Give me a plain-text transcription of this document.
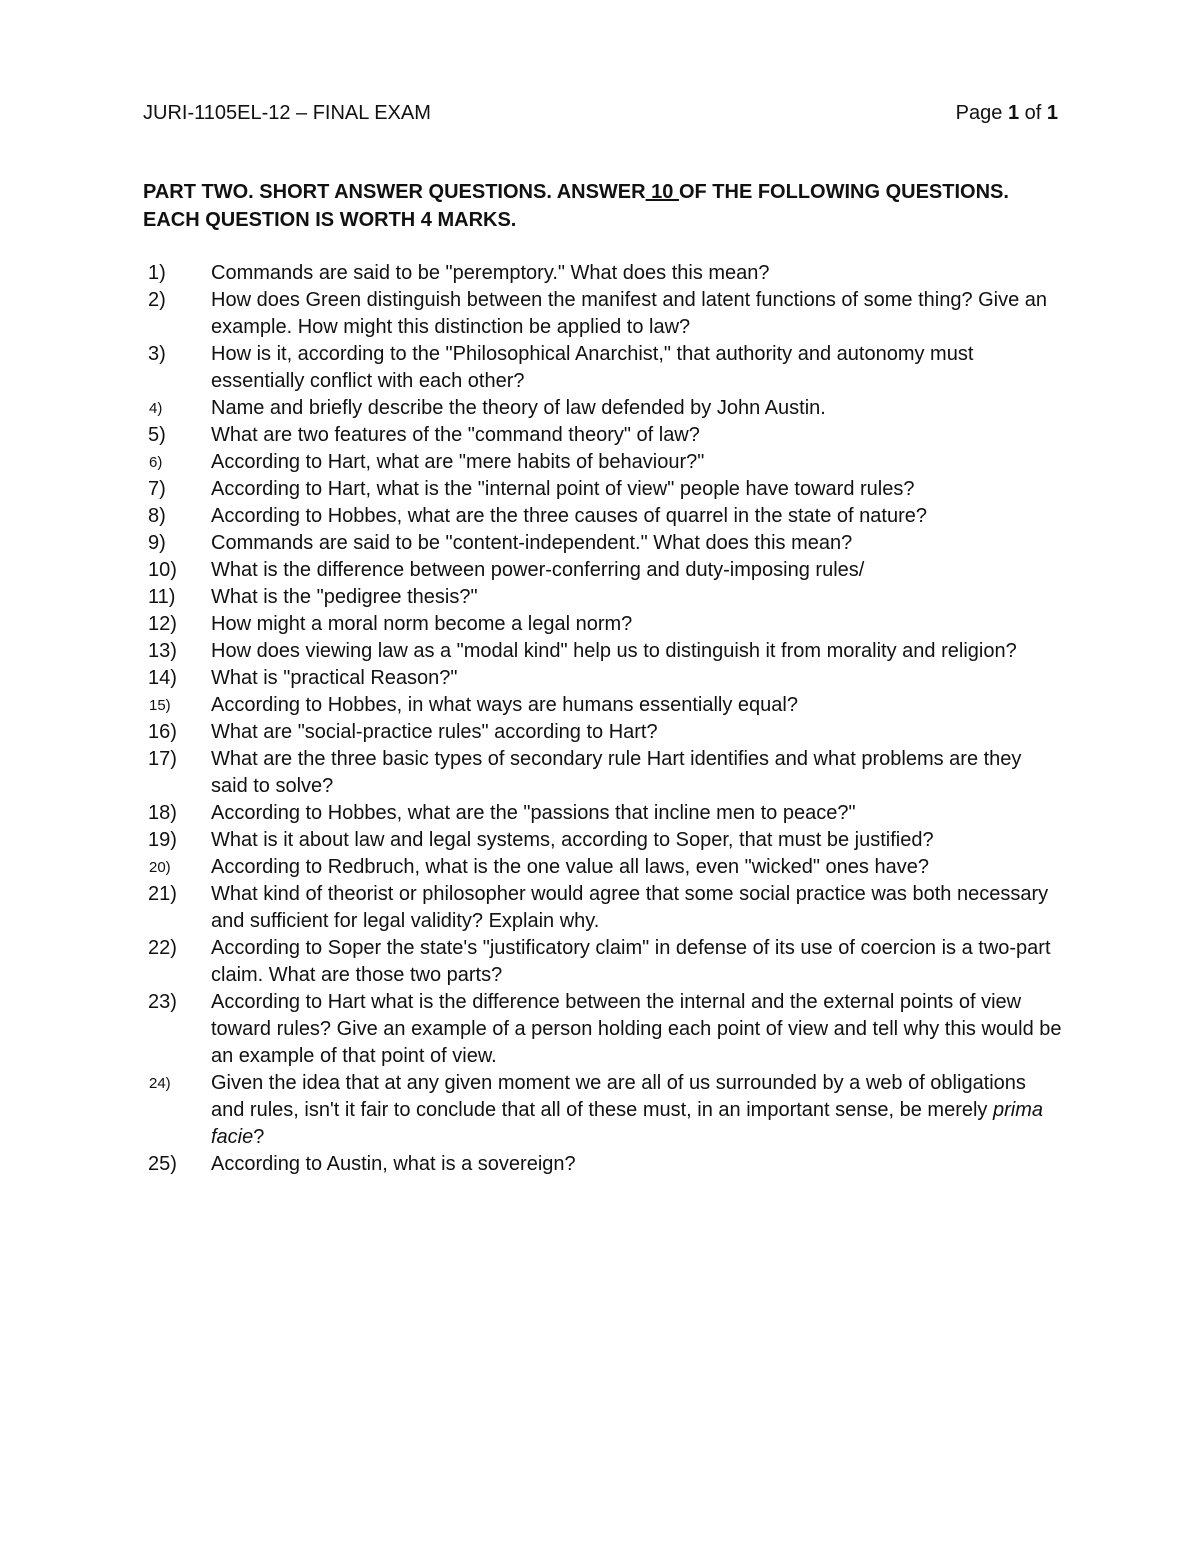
JURI-1105EL-12 – FINAL EXAM	Page 1 of 1
PART TWO. SHORT ANSWER QUESTIONS. ANSWER 10 OF THE FOLLOWING QUESTIONS. EACH QUESTION IS WORTH 4 MARKS.
1) Commands are said to be "peremptory." What does this mean?
2) How does Green distinguish between the manifest and latent functions of some thing? Give an example. How might this distinction be applied to law?
3) How is it, according to the "Philosophical Anarchist," that authority and autonomy must essentially conflict with each other?
4) Name and briefly describe the theory of law defended by John Austin.
5) What are two features of the "command theory" of law?
6) According to Hart, what are "mere habits of behaviour?"
7) According to Hart, what is the "internal point of view" people have toward rules?
8) According to Hobbes, what are the three causes of quarrel in the state of nature?
9) Commands are said to be "content-independent." What does this mean?
10) What is the difference between power-conferring and duty-imposing rules/
11) What is the "pedigree thesis?"
12) How might a moral norm become a legal norm?
13) How does viewing law as a "modal kind" help us to distinguish it from morality and religion?
14) What is "practical Reason?"
15) According to Hobbes, in what ways are humans essentially equal?
16) What are "social-practice rules" according to Hart?
17) What are the three basic types of secondary rule Hart identifies and what problems are they said to solve?
18) According to Hobbes, what are the "passions that incline men to peace?"
19) What is it about law and legal systems, according to Soper, that must be justified?
20) According to Redbruch, what is the one value all laws, even "wicked" ones have?
21) What kind of theorist or philosopher would agree that some social practice was both necessary and sufficient for legal validity? Explain why.
22) According to Soper the state's "justificatory claim" in defense of its use of coercion is a two-part claim. What are those two parts?
23) According to Hart what is the difference between the internal and the external points of view toward rules? Give an example of a person holding each point of view and tell why this would be an example of that point of view.
24) Given the idea that at any given moment we are all of us surrounded by a web of obligations and rules, isn't it fair to conclude that all of these must, in an important sense, be merely prima facie?
25) According to Austin, what is a sovereign?
